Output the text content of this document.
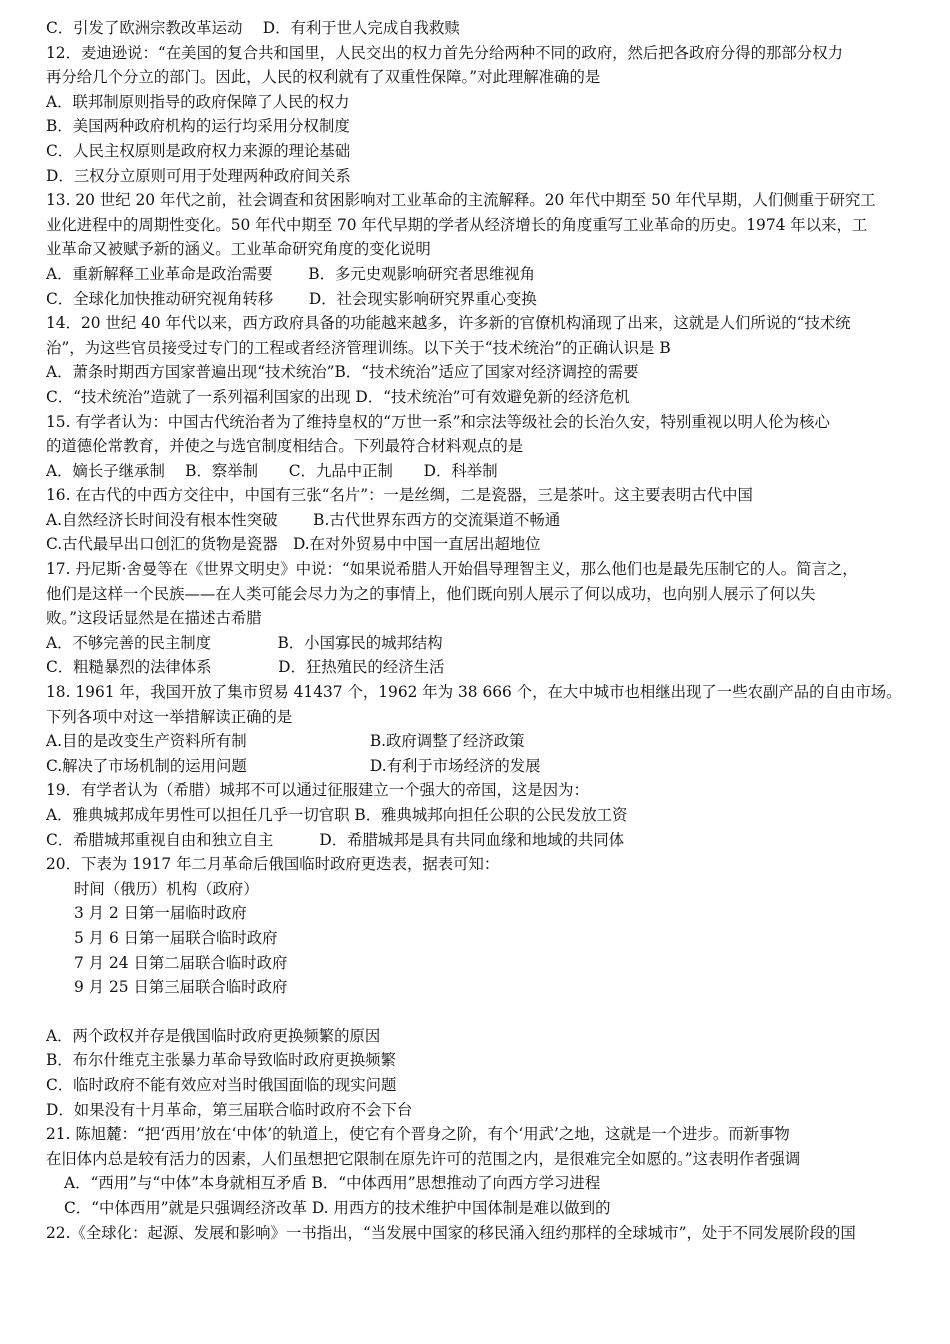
C．引发了欧洲宗教改革运动　 D．有利于世人完成自我救赎
12．麦迪逊说：“在美国的复合共和国里，人民交出的权力首先分给两种不同的政府，然后把各政府分得的那部分权力
再分给几个分立的部门。因此，人民的权利就有了双重性保障。”对此理解准确的是
A．联邦制原则指导的政府保障了人民的权力
B．美国两种政府机构的运行均采用分权制度
C．人民主权原则是政府权力来源的理论基础
D．三权分立原则可用于处理两种政府间关系
13. 20 世纪 20 年代之前，社会调查和贫困影响对工业革命的主流解释。20 年代中期至 50 年代早期，人们侧重于研究工
业化进程中的周期性变化。50 年代中期至 70 年代早期的学者从经济增长的角度重写工业革命的历史。1974 年以来，工
业革命又被赋予新的涵义。工业革命研究角度的变化说明
A．重新解释工业革命是政治需要　　 B．多元史观影响研究者思维视角
C．全球化加快推动研究视角转移　　 D．社会现实影响研究界重心变换
14．20 世纪 40 年代以来，西方政府具备的功能越来越多，许多新的官僚机构涌现了出来，这就是人们所说的“技术统
治”，为这些官员接受过专门的工程或者经济管理训练。以下关于“技术统治”的正确认识是 B
A．萧条时期西方国家普遍出现“技术统治”B．“技术统治”适应了国家对经济调控的需要
C．“技术统治”造就了一系列福利国家的出现 D．“技术统治”可有效避免新的经济危机
15. 有学者认为：中国古代统治者为了维持皇权的“万世一系”和宗法等级社会的长治久安，特别重视以明人伦为核心
的道德伦常教育，并使之与选官制度相结合。下列最符合材料观点的是
A．嫡长子继承制　 B．察举制　　C．九品中正制　　D．科举制
16. 在古代的中西方交往中，中国有三张“名片”：一是丝绸，二是瓷器，三是茶叶。这主要表明古代中国
A.自然经济长时间没有根本性突破　　 B.古代世界东西方的交流渠道不畅通
C.古代最早出口创汇的货物是瓷器　D.在对外贸易中中国一直居出超地位
17. 丹尼斯·舍曼等在《世界文明史》中说：“如果说希腊人开始倡导理智主义，那么他们也是最先压制它的人。简言之，
他们是这样一个民族——在人类可能会尽力为之的事情上，他们既向别人展示了何以成功，也向别人展示了何以失
败。”这段话显然是在描述古希腊
A．不够完善的民主制度　　　　 B．小国寡民的城邦结构
C．粗糙暴烈的法律体系　　　　 D．狂热殖民的经济生活
18. 1961 年，我国开放了集市贸易 41437 个，1962 年为 38 666 个，在大中城市也相继出现了一些农副产品的自由市场。
下列各项中对这一举措解读正确的是
A.目的是改变生产资料所有制　　　　　　　　B.政府调整了经济政策
C.解决了市场机制的运用问题　　　　　　　　D.有利于市场经济的发展
19．有学者认为（希腊）城邦不可以通过征服建立一个强大的帝国，这是因为：
A．雅典城邦成年男性可以担任几乎一切官职 B．雅典城邦向担任公职的公民发放工资
C．希腊城邦重视自由和独立自主　　　D．希腊城邦是具有共同血缘和地域的共同体
20．下表为 1917 年二月革命后俄国临时政府更迭表，据表可知：
时间（俄历）机构（政府）
3 月 2 日第一届临时政府
5 月 6 日第一届联合临时政府
7 月 24 日第二届联合临时政府
9 月 25 日第三届联合临时政府
A．两个政权并存是俄国临时政府更换频繁的原因
B．布尔什维克主张暴力革命导致临时政府更换频繁
C．临时政府不能有效应对当时俄国面临的现实问题
D．如果没有十月革命，第三届联合临时政府不会下台
21. 陈旭麓：“把‘西用’放在‘中体’的轨道上，使它有个晋身之阶，有个‘用武’之地，这就是一个进步。而新事物
在旧体内总是较有活力的因素，人们虽想把它限制在原先许可的范围之内，是很难完全如愿的。”这表明作者强调
A．“西用”与“中体”本身就相互矛盾 B．“中体西用”思想推动了向西方学习进程
C．“中体西用”就是只强调经济改革 D. 用西方的技术维护中国体制是难以做到的
22.《全球化：起源、发展和影响》一书指出，“当发展中国家的移民涌入纽约那样的全球城市”，处于不同发展阶段的国
